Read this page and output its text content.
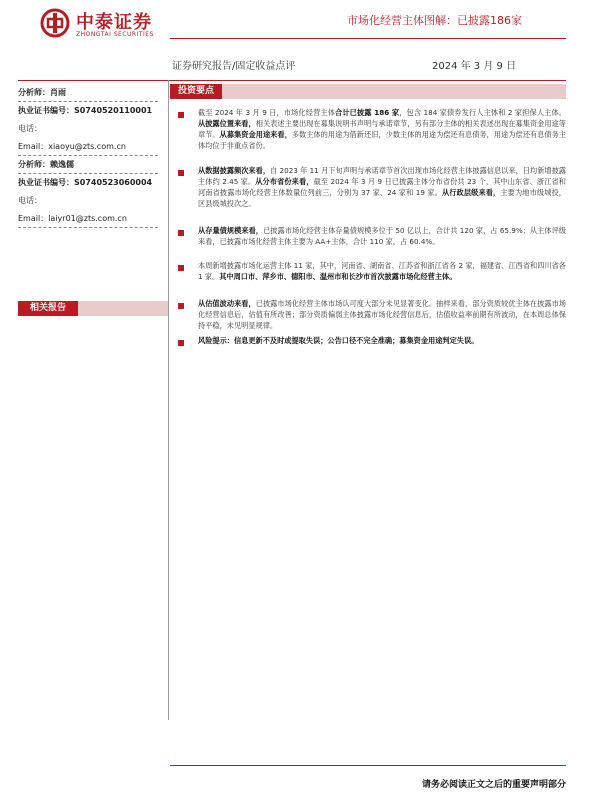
中泰证券
ZHONGTAI SECURITIES
市场化经营主体图解：已披露186家
证券研究报告/固定收益点评	2024 年 3 月 9 日
分析师：肖雨
执业证书编号：S0740520110001
电话：
Email：xiaoyu@zts.com.cn
分析师：赖逸儒
执业证书编号：S0740523060004
电话：
Email：laiyr01@zts.com.cn
相关报告
投资要点
截至 2024 年 3 月 9 日，市场化经营主体合计已披露 186 家，包含 184 家债券发行人主体和 2 家担保人主体。从披露位置来看，相关表述主要出现在募集说明书声明与承诺章节，另有部分主体的相关表述出现在募集资金用途等章节。从募集资金用途来看，多数主体的用途为借新还旧，少数主体的用途为偿还有息债务，用途为偿还有息债务主体均位于非重点省份。
从数据披露频次来看，自 2023 年 11 月下旬声明与承诺章节首次出现市场化经营主体披露信息以来，日均新增披露主体约 2.45 家。从分布省份来看，截至 2024 年 3 月 9 日已披露主体分布省份共 23 个，其中山东省、浙江省和河南省披露市场化经营主体数量位列前三，分别为 37 家、24 家和 19 家。从行政层级来看，主要为地市级城投，区县级城投次之。
从存量债规模来看，已披露市场化经营主体存量债规模多位于 50 亿以上，合计共 120 家，占 65.9%；从主体评级来看，已披露市场化经营主体主要为 AA+主体，合计 110 家，占 60.4%。
本周新增披露市场化运营主体 11 家，其中，河南省、湖南省、江苏省和浙江省各 2 家，福建省、江西省和四川省各 1 家。其中周口市、萍乡市、德阳市、温州市和长沙市首次披露市场化经营主体。
从估值波动来看，已披露市场化经营主体市场认可度大部分未见显著变化。抽样来看，部分资质较优主体在披露市场化经营信息后，估值有所改善；部分资质偏弱主体披露市场化经营信息后，估值收益率前期有所波动，在本周总体保持平稳，未见明显规律。
风险提示：信息更新不及时或提取失误；公告口径不完全准确；募集资金用途判定失误。
请务必阅读正文之后的重要声明部分
